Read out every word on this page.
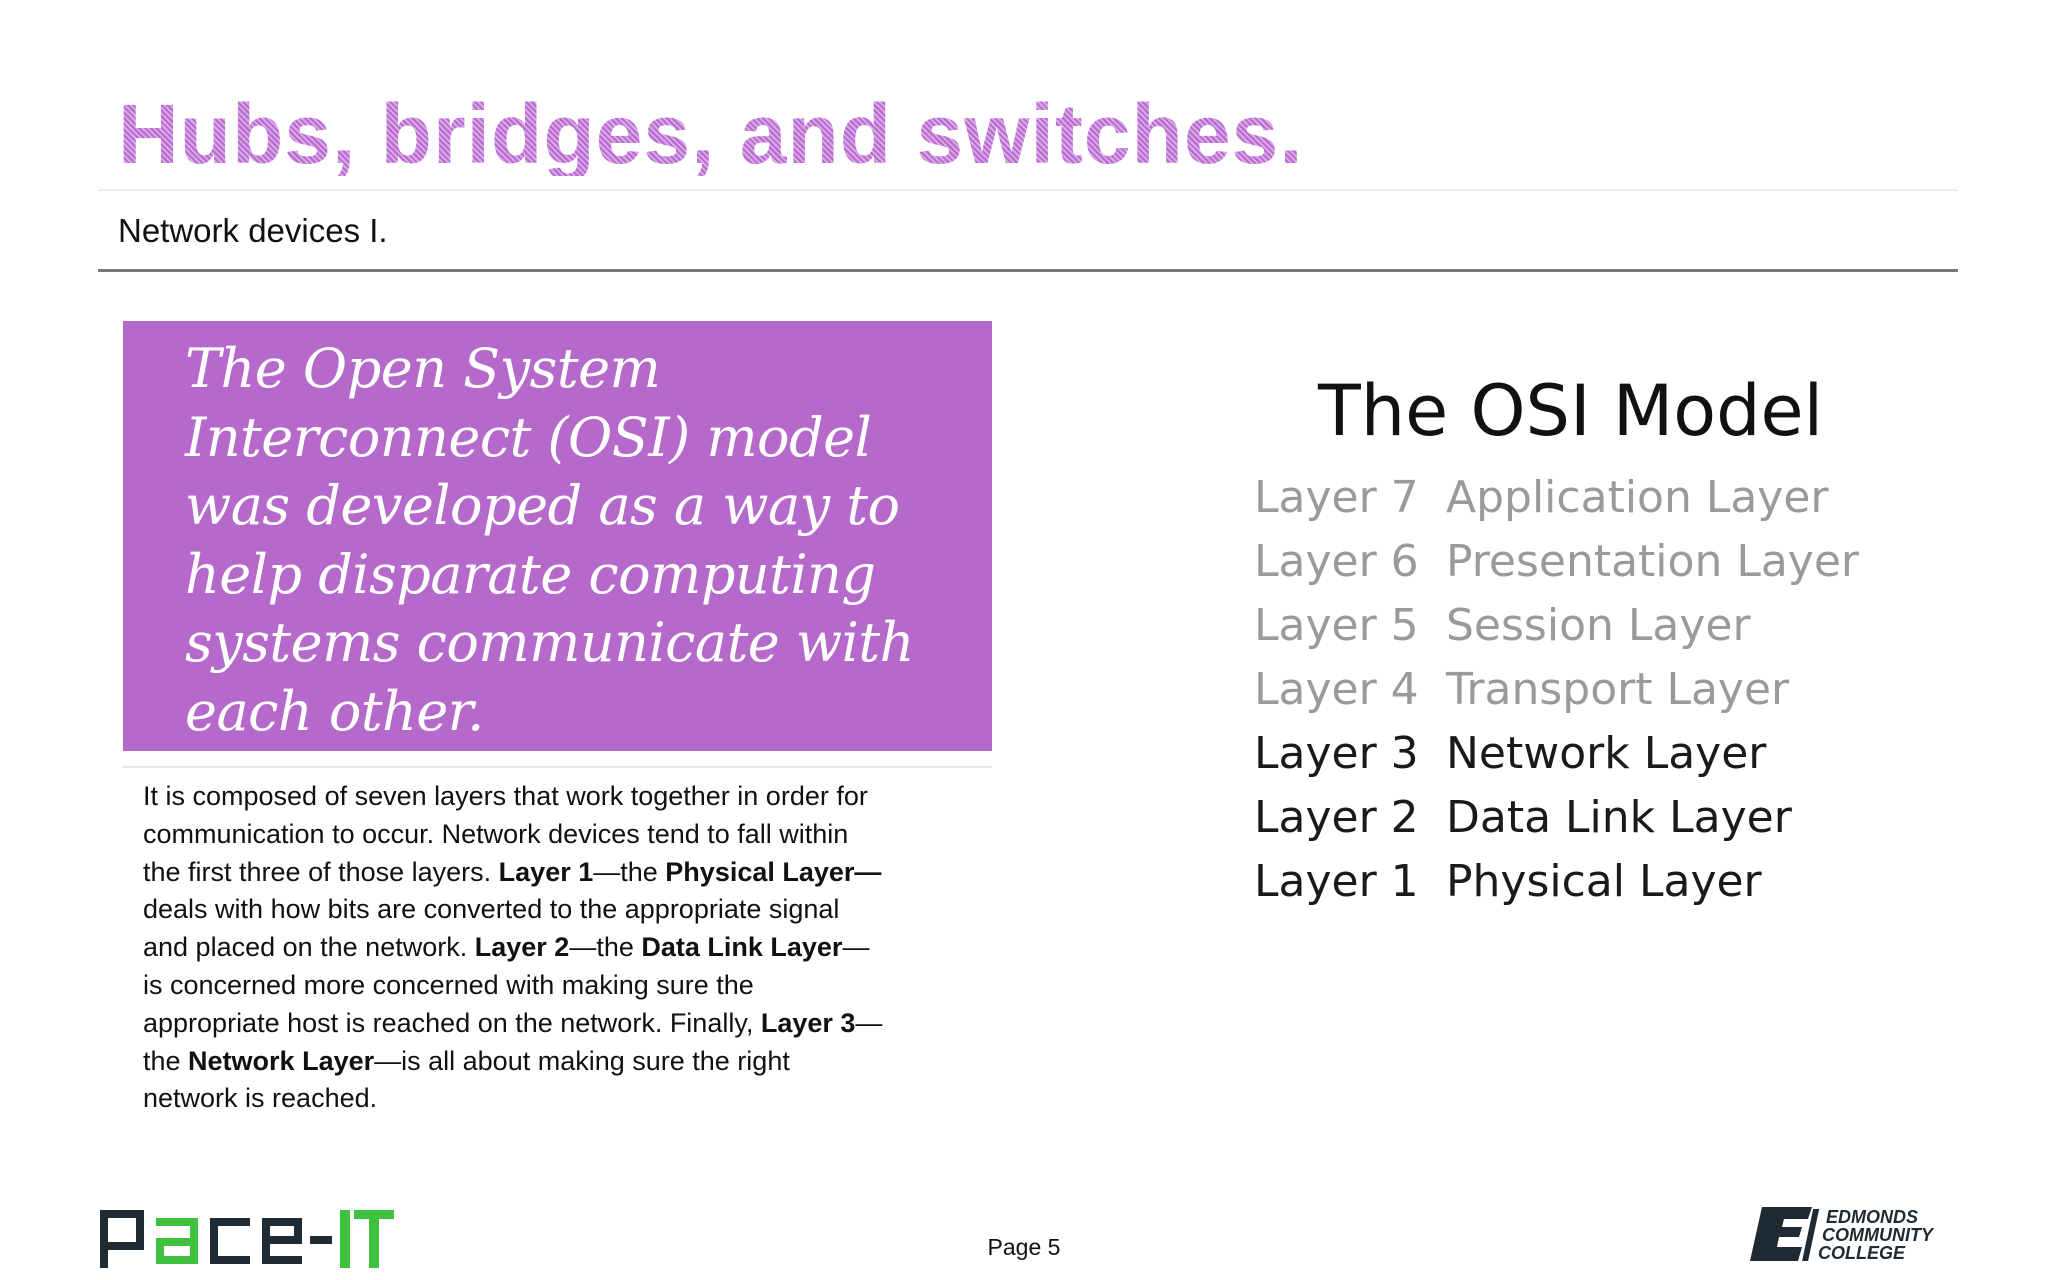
Hubs, bridges, and switches.
Network devices I.
The Open System Interconnect (OSI) model was developed as a way to help disparate computing systems communicate with each other.
It is composed of seven layers that work together in order for communication to occur. Network devices tend to fall within the first three of those layers. Layer 1—the Physical Layer—deals with how bits are converted to the appropriate signal and placed on the network. Layer 2—the Data Link Layer—is concerned more concerned with making sure the appropriate host is reached on the network. Finally, Layer 3—the Network Layer—is all about making sure the right network is reached.
The OSI Model
Layer 7 Application Layer
Layer 6 Presentation Layer
Layer 5 Session Layer
Layer 4 Transport Layer
Layer 3 Network Layer
Layer 2 Data Link Layer
Layer 1 Physical Layer
pace-IT
Page 5
EDMONDS
COMMUNITY
COLLEGE
